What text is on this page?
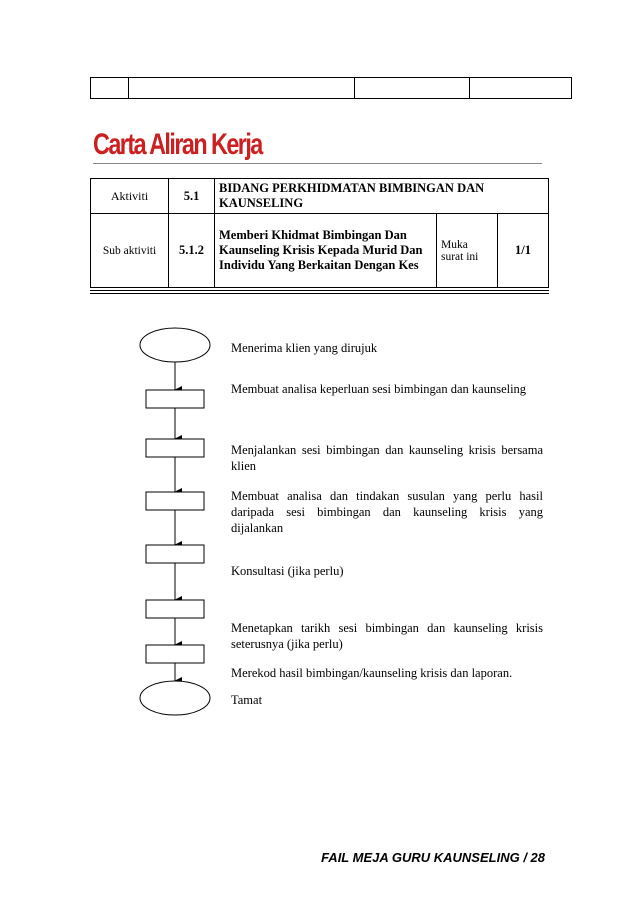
Carta Aliran Kerja
Aktiviti	5.1	BIDANG PERKHIDMATAN BIMBINGAN DAN KAUNSELING		
Sub aktiviti	5.1.2	Memberi Khidmat Bimbingan Dan Kaunseling Krisis Kepada Murid Dan Individu Yang Berkaitan Dengan Kes	Muka surat ini	1/1
Menerima klien yang dirujuk
Membuat analisa keperluan sesi bimbingan dan kaunseling
Menjalankan sesi bimbingan dan kaunseling krisis bersama klien
Membuat analisa dan tindakan susulan yang perlu hasil daripada sesi bimbingan dan kaunseling krisis yang dijalankan
Konsultasi (jika perlu)
Menetapkan tarikh sesi bimbingan dan kaunseling krisis seterusnya (jika perlu)
Merekod hasil bimbingan/kaunseling krisis dan laporan.
Tamat
FAIL MEJA GURU KAUNSELING / 28
